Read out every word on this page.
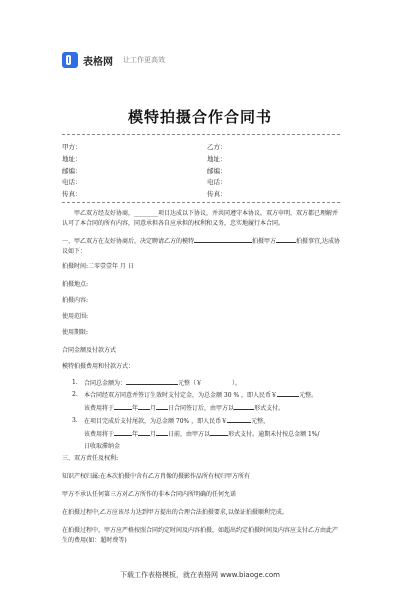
表格网 让工作更高效
模特拍摄合作合同书
甲方：	乙方：
地址：	地址：
邮编：	邮编：
电话：	电话：
传真：	传真：
甲乙双方经友好协商，________项目达成以下协议，并共同遵守本协议。双方申明，双方都已理解并认可了本合同的所有内容，同意承担各自应承担的权利和义务，忠实地履行本合同。
一、甲乙双方在友好协商后，决定聘请乙方的模特	拍摄甲方	拍摄事宜,达成协议如下：
拍摄时间:二零壹壹年 月 日
拍摄地点:
拍摄内容:
使用范围:
使用期限:
合同金额及付款方式
模特拍摄费用和付款方式：
1.	合同总金额为：	元整（￥	）。
2.	本合同经双方同意并签订生效时支付定金，为总金额 30 % ，即人民币￥	元整。
该费用将于	年 月 日合同签订后，由甲方以	形式支付。
3.	在项目完成后支付尾款，为总金额 70% ，即人民币￥	元整，
该费用将于	年 月 日前，由甲方以	形式支付。逾期未付按总金额 1%/
日收取滞纳金
三、双方责任及权利:
知识产权归属:在本次拍摄中含有乙方肖像的摄影作品所有权归甲方所有
甲方不承认任何第三方对乙方所作的非本合同内所明确的任何允诺
在拍摄过程中,乙方应该尽力达到甲方提出的合理合法拍摄要求,以保证拍摄顺利完成。
在拍摄过程中，甲方应严格按照合同约定时间及内容拍摄，如超出约定拍摄时间及内容应支付乙方由此产生的费用(如：超时费等)
下载工作表格模板，就在表格网 www.biaoge.com
